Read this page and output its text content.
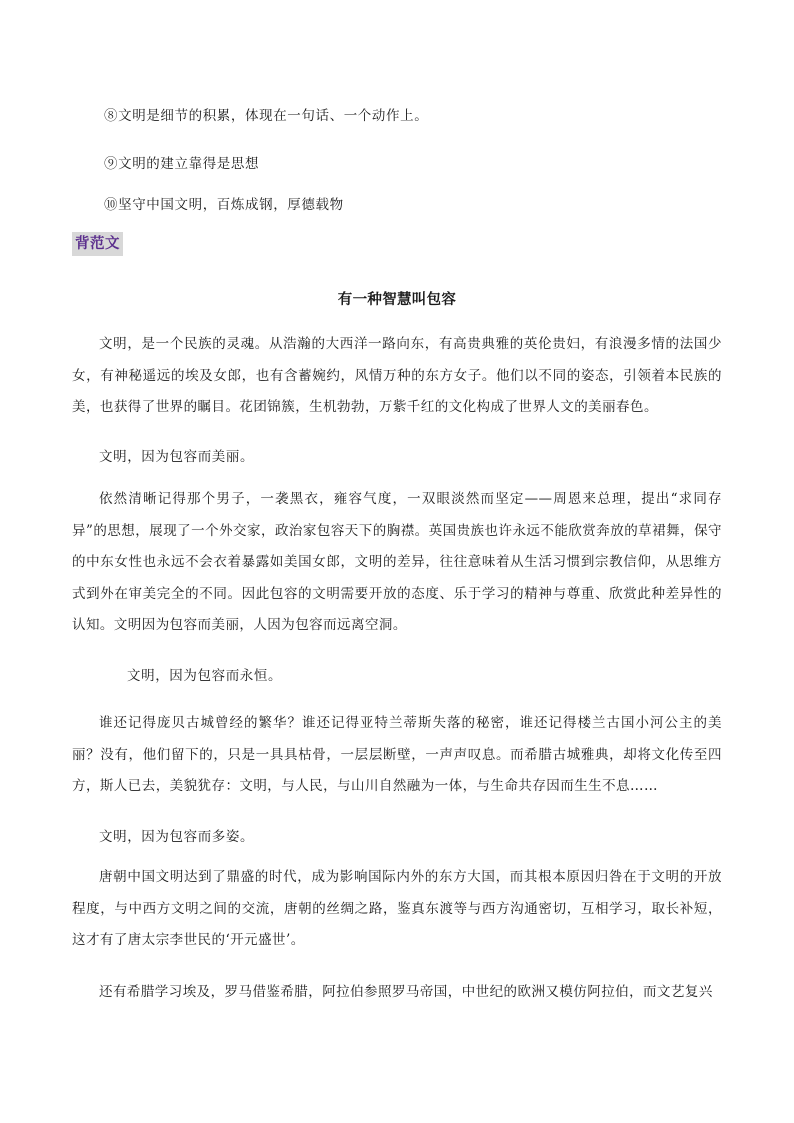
⑧文明是细节的积累，体现在一句话、一个动作上。
⑨文明的建立靠得是思想
⑩坚守中国文明，百炼成钢，厚德载物
背范文
有一种智慧叫包容

文明，是一个民族的灵魂。从浩瀚的大西洋一路向东，有高贵典雅的英伦贵妇，有浪漫多情的法国少女，有神秘遥远的埃及女郎，也有含蓄婉约，风情万种的东方女子。他们以不同的姿态，引领着本民族的美，也获得了世界的瞩目。花团锦簇，生机勃勃，万紫千红的文化构成了世界人文的美丽春色。

文明，因为包容而美丽。

依然清晰记得那个男子，一袭黑衣，雍容气度，一双眼淡然而坚定——周恩来总理，提出“求同存异”的思想，展现了一个外交家，政治家包容天下的胸襟。英国贵族也许永远不能欣赏奔放的草裙舞，保守的中东女性也永远不会衣着暴露如美国女郎，文明的差异，往往意味着从生活习惯到宗教信仰，从思维方式到外在审美完全的不同。因此包容的文明需要开放的态度、乐于学习的精神与尊重、欣赏此种差异性的认知。文明因为包容而美丽，人因为包容而远离空洞。

文明，因为包容而永恒。

谁还记得庞贝古城曾经的繁华？谁还记得亚特兰蒂斯失落的秘密，谁还记得楼兰古国小河公主的美丽？没有，他们留下的，只是一具具枯骨，一层层断壁，一声声叹息。而希腊古城雅典，却将文化传至四方，斯人已去，美貌犹存：文明，与人民，与山川自然融为一体，与生命共存因而生生不息……

文明，因为包容而多姿。

唐朝中国文明达到了鼎盛的时代，成为影响国际内外的东方大国，而其根本原因归咎在于文明的开放程度，与中西方文明之间的交流，唐朝的丝绸之路，鉴真东渡等与西方沟通密切，互相学习，取长补短，这才有了唐太宗李世民的‘开元盛世’。

还有希腊学习埃及，罗马借鉴希腊，阿拉伯参照罗马帝国，中世纪的欧洲又模仿阿拉伯，而文艺复兴
